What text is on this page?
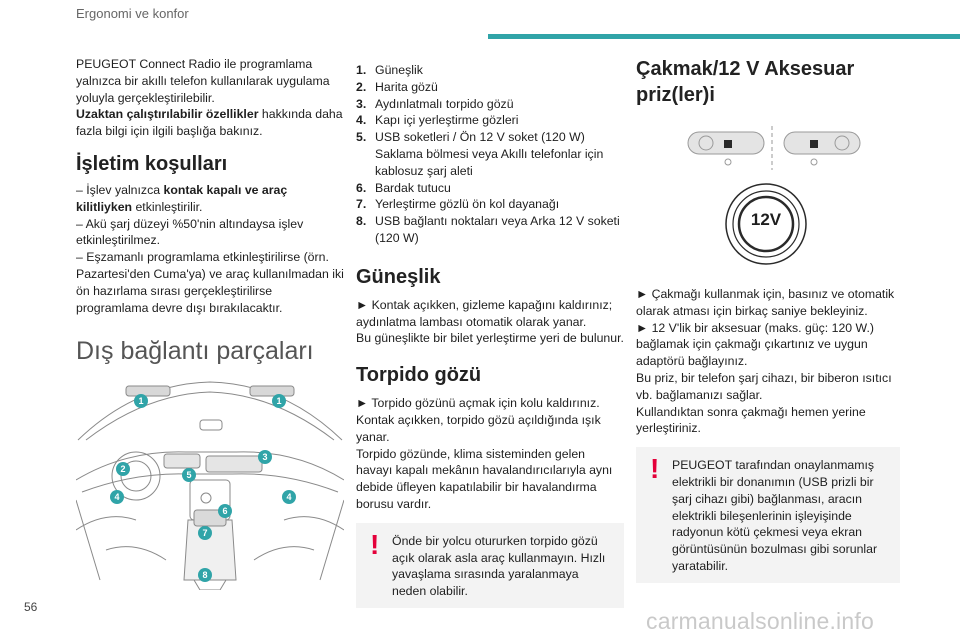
Ergonomi ve konfor

PEUGEOT Connect Radio ile programlama yalnızca bir akıllı telefon kullanılarak uygulama yoluyla gerçekleştirilebilir.

Uzaktan çalıştırılabilir özellikler hakkında daha fazla bilgi için ilgili başlığa bakınız.

İşletim koşulları

– İşlev yalnızca kontak kapalı ve araç kilitliyken etkinleştirilir.

– Akü şarj düzeyi %50'nin altındaysa işlev etkinleştirilmez.

– Eşzamanlı programlama etkinleştirilirse (örn. Pazartesi'den Cuma'ya) ve araç kullanılmadan iki ön hazırlama sırası gerçekleştirilirse programlama devre dışı bırakılacaktır.

Dış bağlantı parçaları
1	1
2
3
4	4
5
6
7
8
1. Güneşlik
2. Harita gözü
3. Aydınlatmalı torpido gözü
4. Kapı içi yerleştirme gözleri
5. USB soketleri / Ön 12 V soket (120 W) Saklama bölmesi veya Akıllı telefonlar için kablosuz şarj aleti
6. Bardak tutucu
7. Yerleştirme gözlü ön kol dayanağı
8. USB bağlantı noktaları veya Arka 12 V soketi (120 W)
Güneşlik

► Kontak açıkken, gizleme kapağını kaldırınız; aydınlatma lambası otomatik olarak yanar.

Bu güneşlikte bir bilet yerleştirme yeri de bulunur.

Torpido gözü

► Torpido gözünü açmak için kolu kaldırınız. Kontak açıkken, torpido gözü açıldığında ışık yanar.

Torpido gözünde, klima sisteminden gelen havayı kapalı mekânın havalandırıcılarıyla aynı debide üfleyen kapatılabilir bir havalandırma borusu vardır.

! Önde bir yolcu otururken torpido gözü açık olarak asla araç kullanmayın. Hızlı yavaşlama sırasında yaralanmaya neden olabilir.

Çakmak/12 V Aksesuar priz(ler)i
12V

► Çakmağı kullanmak için, basınız ve otomatik olarak atması için birkaç saniye bekleyiniz.

► 12 V'lik bir aksesuar (maks. güç: 120 W.) bağlamak için çakmağı çıkartınız ve uygun adaptörü bağlayınız.

Bu priz, bir telefon şarj cihazı, bir biberon ısıtıcı vb. bağlamanızı sağlar.

Kullandıktan sonra çakmağı hemen yerine yerleştiriniz.

! PEUGEOT tarafından onaylanmamış elektrikli bir donanımın (USB prizli bir şarj cihazı gibi) bağlanması, aracın elektrikli bileşenlerinin işleyişinde radyonun kötü çekmesi veya ekran görüntüsünün bozulması gibi sorunlar yaratabilir.

56
carmanualsonline.info
